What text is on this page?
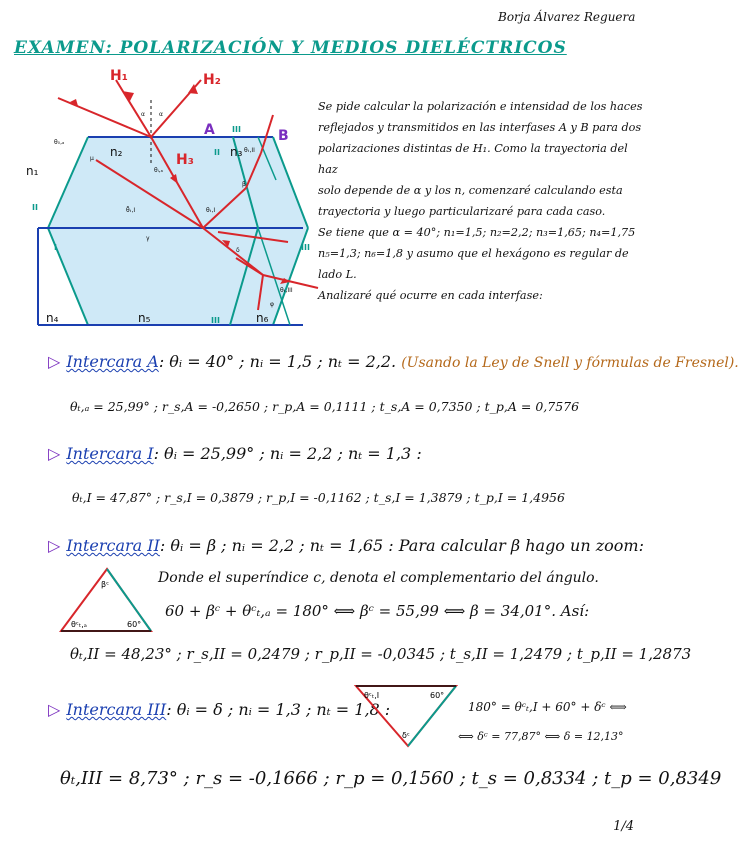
Borja Álvarez Reguera
EXAMEN: POLARIZACIÓN Y MEDIOS DIELÉCTRICOS
H₁	H₂
H₃
A	B
n₂	n₃
n₁
n₄	n₅	n₆
I
II
III
III
III
II
α α
μ
θᵢ,ₐ
θ̃ₜ,I	θₜ,I
θₜ,II
θ₀,ₐ
θₜ,III
γ
β
δ
φ

Se pide calcular la polarización e intensidad de los haces

reflejados y transmitidos en las interfases A y B para dos

polarizaciones distintas de H₁. Como la trayectoria del haz

solo depende de α y los n, comenzaré calculando esta

trayectoria y luego particularizaré para cada caso.

Se tiene que α = 40°; n₁=1,5; n₂=2,2; n₃=1,65; n₄=1,75

n₅=1,3; n₆=1,8 y asumo que el hexágono es regular de lado L.

Analizaré qué ocurre en cada interfase:

▷ Intercara A: θᵢ = 40° ; nᵢ = 1,5 ; nₜ = 2,2. (Usando la Ley de Snell y fórmulas de Fresnel).
θₜ,ₐ = 25,99° ; r_s,A = -0,2650 ; r_p,A = 0,1111 ; t_s,A = 0,7350 ; t_p,A = 0,7576
▷ Intercara I: θᵢ = 25,99° ; nᵢ = 2,2 ; nₜ = 1,3 :
θₜ,I = 47,87° ; r_s,I = 0,3879 ; r_p,I = -0,1162 ; t_s,I = 1,3879 ; t_p,I = 1,4956
▷ Intercara II: θᵢ = β ; nᵢ = 2,2 ; nₜ = 1,65 : Para calcular β hago un zoom:
βᶜ
θᶜₜ,ₐ	60°
Donde el superíndice c, denota el complementario del ángulo.
60 + βᶜ + θᶜₜ,ₐ = 180° ⟺ βᶜ = 55,99 ⟺ β = 34,01°. Así:
θₜ,II = 48,23° ; r_s,II = 0,2479 ; r_p,II = -0,0345 ; t_s,II = 1,2479 ; t_p,II = 1,2873
▷ Intercara III: θᵢ = δ ; nᵢ = 1,3 ; nₜ = 1,8 :
θᶜₜ,I	60°
δᶜ
180° = θᶜₜ,I + 60° + δᶜ ⟺
⟺ δᶜ = 77,87° ⟺ δ = 12,13°
θₜ,III = 8,73° ; r_s = -0,1666 ; r_p = 0,1560 ; t_s = 0,8334 ; t_p = 0,8349
1/4
